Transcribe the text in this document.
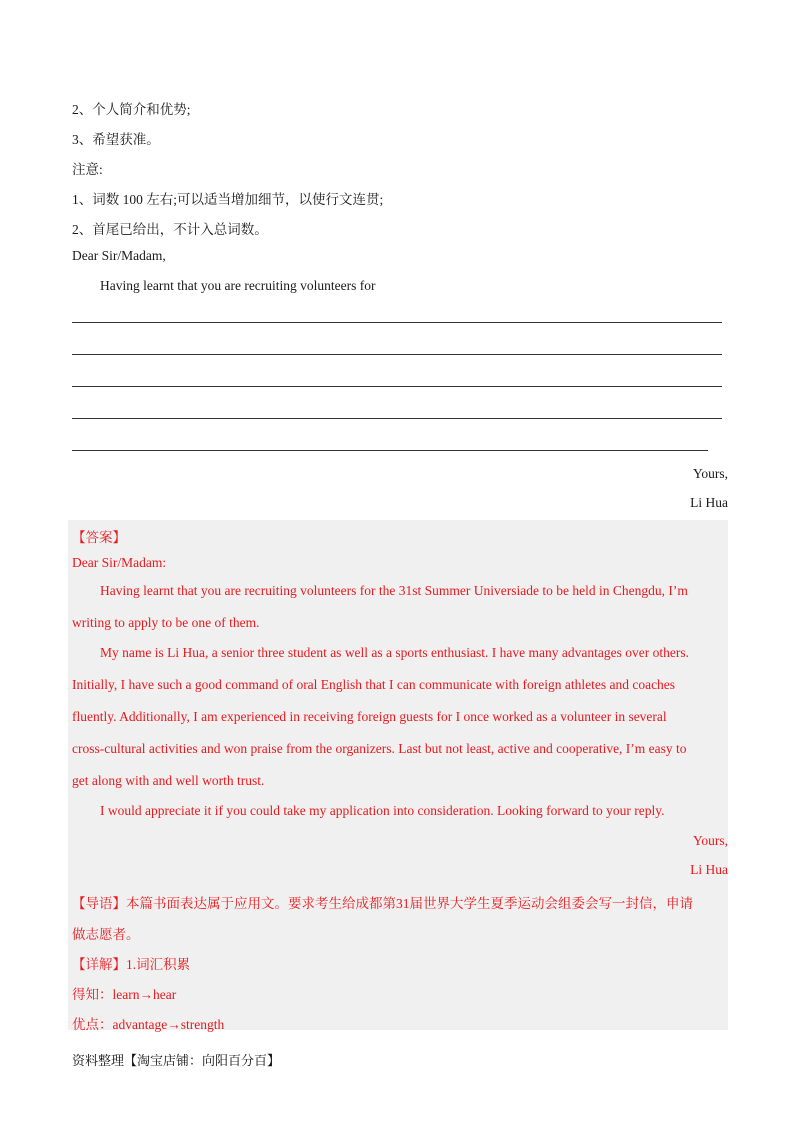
2、个人简介和优势;
3、希望获准。
注意:
1、词数 100 左右;可以适当增加细节，以使行文连贯;
2、首尾已给出，不计入总词数。
Dear Sir/Madam,
Having learnt that you are recruiting volunteers for
Yours,
Li Hua
【答案】
Dear Sir/Madam:
Having learnt that you are recruiting volunteers for the 31st Summer Universiade to be held in Chengdu, I’m
writing to apply to be one of them.
My name is Li Hua, a senior three student as well as a sports enthusiast. I have many advantages over others.
Initially, I have such a good command of oral English that I can communicate with foreign athletes and coaches
fluently. Additionally, I am experienced in receiving foreign guests for I once worked as a volunteer in several
cross-cultural activities and won praise from the organizers. Last but not least, active and cooperative, I’m easy to
get along with and well worth trust.
I would appreciate it if you could take my application into consideration. Looking forward to your reply.
Yours,
Li Hua
【导语】本篇书面表达属于应用文。要求考生给成都第31届世界大学生夏季运动会组委会写一封信，申请
做志愿者。
【详解】1.词汇积累
得知：learn→hear
优点：advantage→strength
资料整理【淘宝店铺：向阳百分百】
